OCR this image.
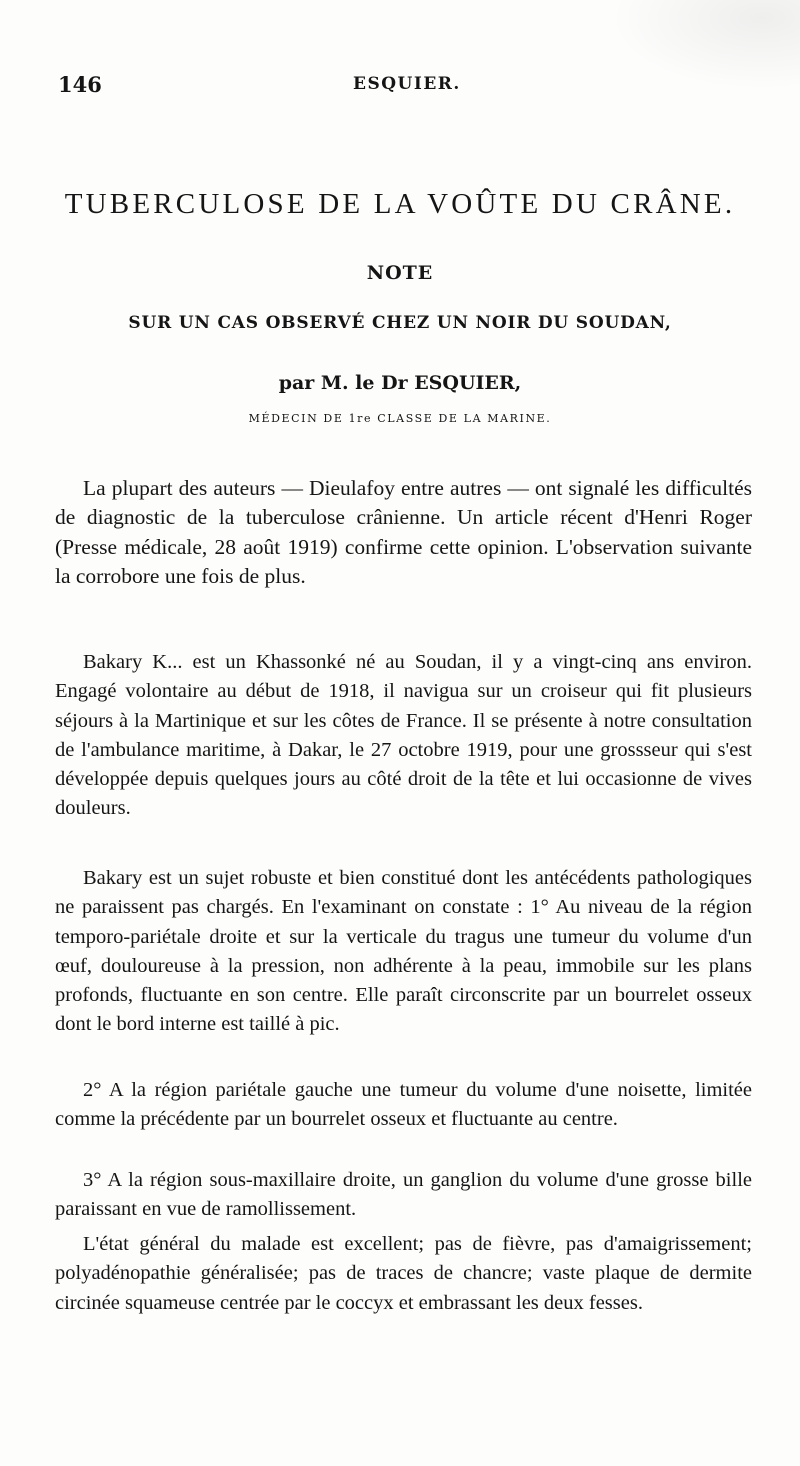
146	ESQUIER.
TUBERCULOSE DE LA VOÛTE DU CRÂNE.
NOTE
SUR UN CAS OBSERVÉ CHEZ UN NOIR DU SOUDAN,
par M. le Dr ESQUIER,
MÉDECIN DE 1re CLASSE DE LA MARINE.

La plupart des auteurs — Dieulafoy entre autres — ont signalé les difficultés de diagnostic de la tuberculose crânienne. Un article récent d'Henri Roger (Presse médicale, 28 août 1919) confirme cette opinion. L'observation suivante la corrobore une fois de plus.

Bakary K... est un Khassonké né au Soudan, il y a vingt-cinq ans environ. Engagé volontaire au début de 1918, il navigua sur un croiseur qui fit plusieurs séjours à la Martinique et sur les côtes de France. Il se présente à notre consultation de l'ambulance maritime, à Dakar, le 27 octobre 1919, pour une grossseur qui s'est développée depuis quelques jours au côté droit de la tête et lui occasionne de vives douleurs.

Bakary est un sujet robuste et bien constitué dont les antécédents pathologiques ne paraissent pas chargés. En l'examinant on constate : 1° Au niveau de la région temporo-pariétale droite et sur la verticale du tragus une tumeur du volume d'un œuf, douloureuse à la pression, non adhérente à la peau, immobile sur les plans profonds, fluctuante en son centre. Elle paraît circonscrite par un bourrelet osseux dont le bord interne est taillé à pic.

2° A la région pariétale gauche une tumeur du volume d'une noisette, limitée comme la précédente par un bourrelet osseux et fluctuante au centre.

3° A la région sous-maxillaire droite, un ganglion du volume d'une grosse bille paraissant en vue de ramollissement.

L'état général du malade est excellent; pas de fièvre, pas d'amaigrissement; polyadénopathie généralisée; pas de traces de chancre; vaste plaque de dermite circinée squameuse centrée par le coccyx et embrassant les deux fesses.
